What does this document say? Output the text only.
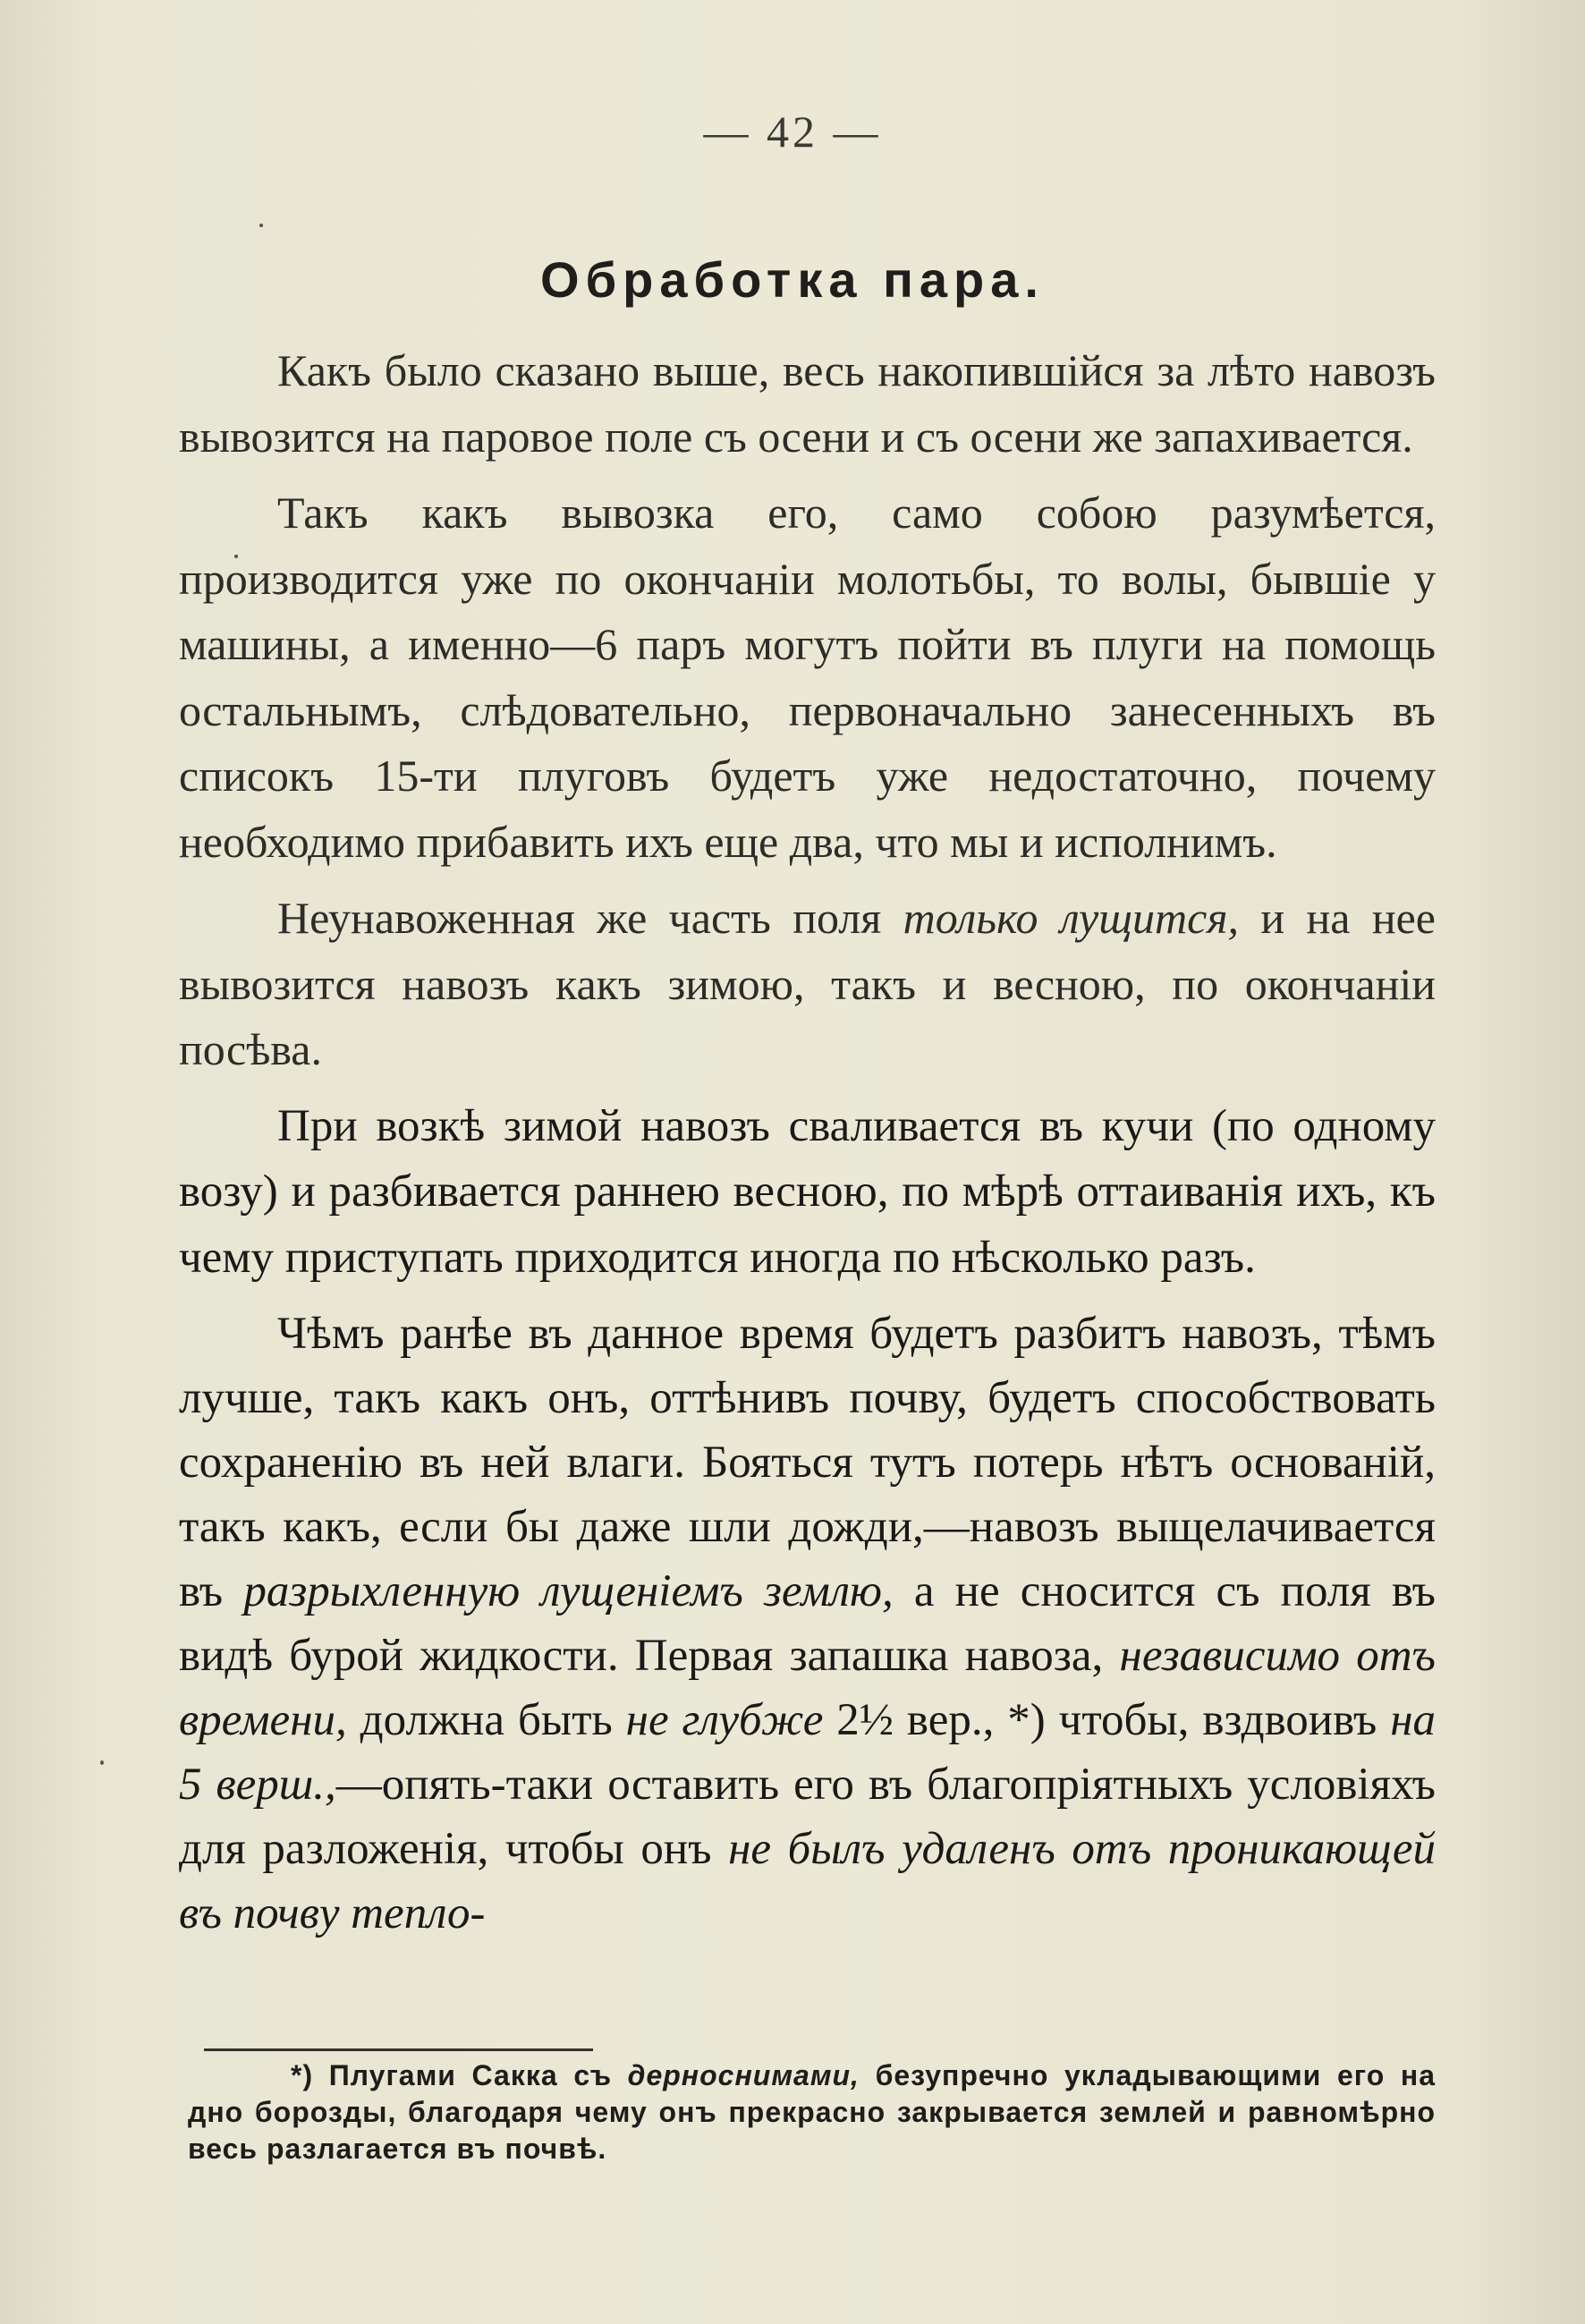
— 42 —
Обработка пара.

Какъ было сказано выше, весь накопившійся за лѣто навозъ вывозится на паровое поле съ осени и съ осени же запахивается.

Такъ какъ вывозка его, само собою разумѣется, производится уже по окончаніи молотьбы, то волы, бывшіе у машины, а именно—6 паръ могутъ пойти въ плуги на помощь остальнымъ, слѣдовательно, первоначально занесенныхъ въ списокъ 15-ти плуговъ будетъ уже недостаточно, почему необходимо прибавить ихъ еще два, что мы и исполнимъ.

Неунавоженная же часть поля только лущится, и на нее вывозится навозъ какъ зимою, такъ и весною, по окончаніи посѣва.

При возкѣ зимой навозъ сваливается въ кучи (по одному возу) и разбивается раннею весною, по мѣрѣ оттаиванія ихъ, къ чему приступать приходится иногда по нѣсколько разъ.

Чѣмъ ранѣе въ данное время будетъ разбитъ навозъ, тѣмъ лучше, такъ какъ онъ, оттѣнивъ почву, будетъ способствовать сохраненію въ ней влаги. Бояться тутъ потерь нѣтъ основаній, такъ какъ, если бы даже шли дожди,—навозъ выщелачивается въ разрыхленную лущеніемъ землю, а не сносится съ поля въ видѣ бурой жидкости. Первая запашка навоза, независимо отъ времени, должна быть не глубже 2½ вер., *) чтобы, вздвоивъ на 5 верш.,—опять-таки оставить его въ благопріятныхъ условіяхъ для разложенія, чтобы онъ не былъ удаленъ отъ проникающей въ почву тепло-

*) Плугами Сакка съ дерноснимами, безупречно укладывающими его на дно борозды, благодаря чему онъ прекрасно закрывается землей и равномѣрно весь разлагается въ почвѣ.
